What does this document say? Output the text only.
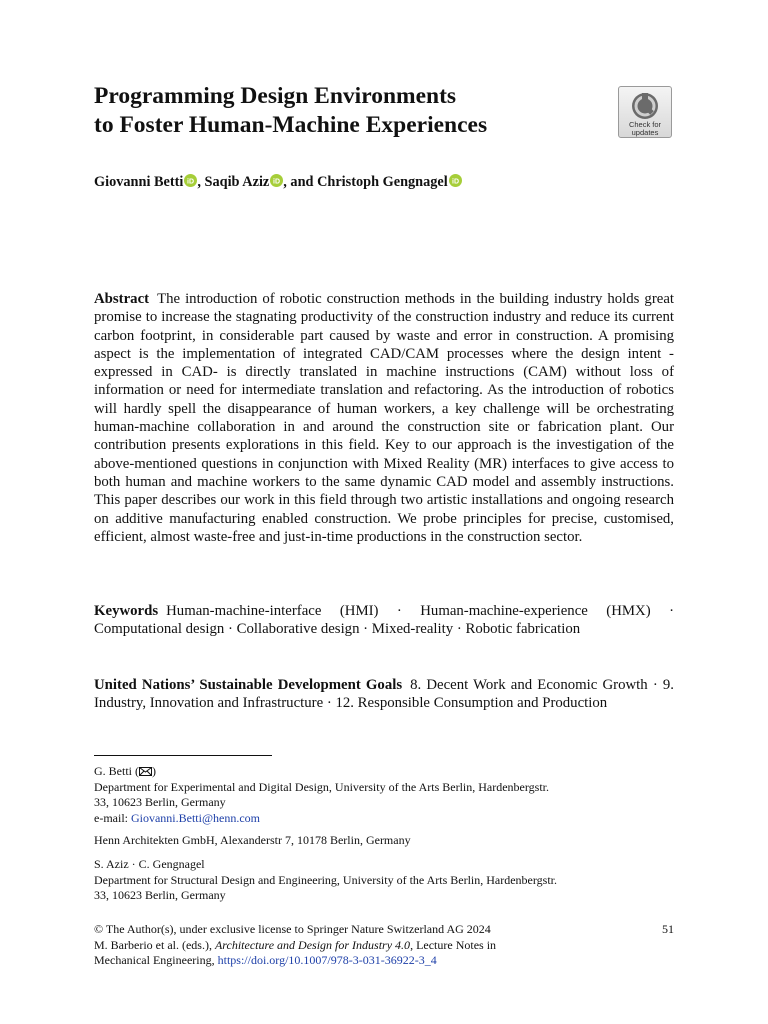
Programming Design Environments
to Foster Human-Machine Experiences	Check for
updates
Giovanni Betti iD , Saqib Aziz iD , and Christoph Gengnagel iD

Abstract The introduction of robotic construction methods in the building industry holds great promise to increase the stagnating productivity of the construction industry and reduce its current carbon footprint, in considerable part caused by waste and error in construction. A promising aspect is the implementation of integrated CAD/CAM processes where the design intent -expressed in CAD- is directly translated in machine instructions (CAM) without loss of information or need for intermediate translation and refactoring. As the introduction of robotics will hardly spell the disappearance of human workers, a key challenge will be orchestrating human-machine collaboration in and around the construction site or fabrication plant. Our contribution presents explorations in this field. Key to our approach is the investigation of the above-mentioned questions in conjunction with Mixed Reality (MR) interfaces to give access to both human and machine workers to the same dynamic CAD model and assembly instructions. This paper describes our work in this field through two artistic installations and ongoing research on additive manufacturing enabled construction. We probe principles for precise, customised, efficient, almost waste-free and just-in-time productions in the construction sector.

Keywords Human-machine-interface (HMI) · Human-machine-experience (HMX) · Computational design · Collaborative design · Mixed-reality · Robotic fabrication

United Nations’ Sustainable Development Goals 8. Decent Work and Economic Growth · 9. Industry, Innovation and Infrastructure · 12. Responsible Consumption and Production

G. Betti ( )
Department for Experimental and Digital Design, University of the Arts Berlin, Hardenbergstr.
33, 10623 Berlin, Germany
e-mail: Giovanni.Betti@henn.com
Henn Architekten GmbH, Alexanderstr 7, 10178 Berlin, Germany
S. Aziz · C. Gengnagel
Department for Structural Design and Engineering, University of the Arts Berlin, Hardenbergstr.
33, 10623 Berlin, Germany
© The Author(s), under exclusive license to Springer Nature Switzerland AG 2024
M. Barberio et al. (eds.), Architecture and Design for Industry 4.0, Lecture Notes in
Mechanical Engineering, https://doi.org/10.1007/978-3-031-36922-3_4
51
